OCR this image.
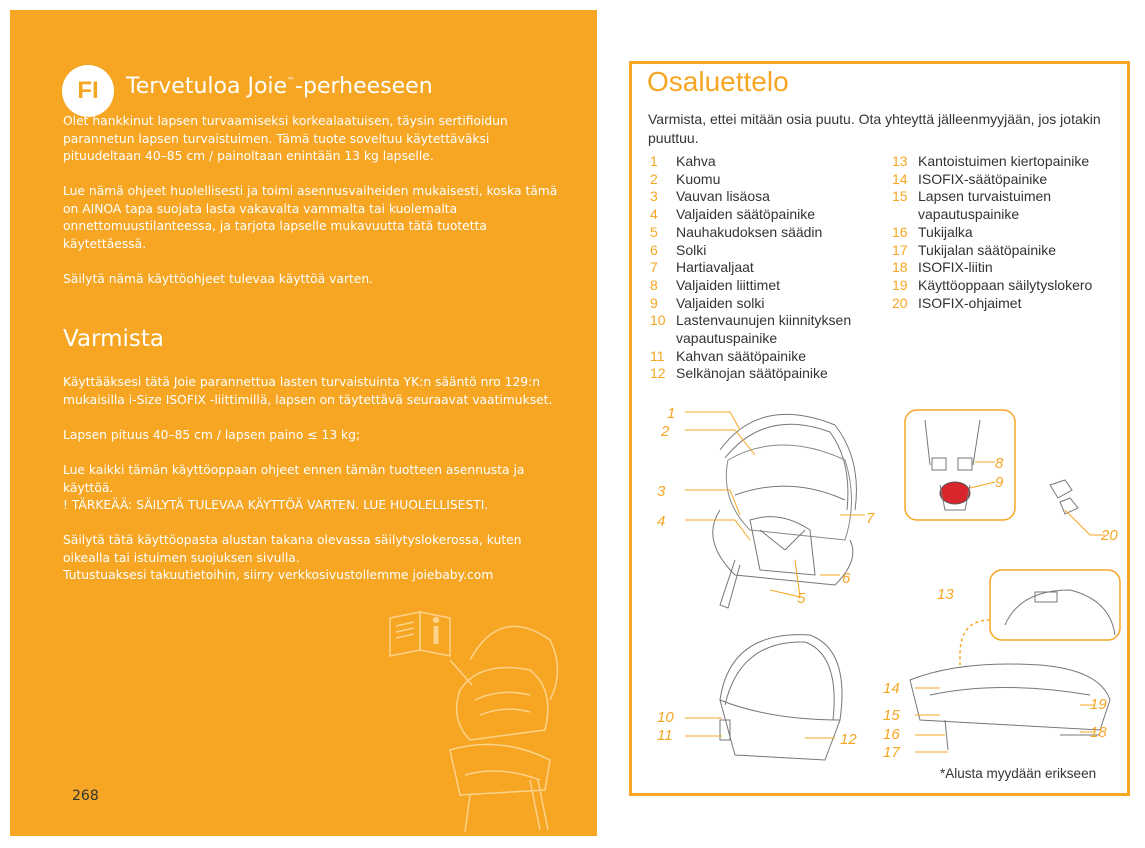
FI	Tervetuloa Joie™-perheeseen

Olet hankkinut lapsen turvaamiseksi korkealaatuisen, täysin sertifioidun parannetun lapsen turvaistuimen. Tämä tuote soveltuu käytettäväksi pituudeltaan 40–85 cm / painoltaan enintään 13 kg lapselle.

Lue nämä ohjeet huolellisesti ja toimi asennusvaiheiden mukaisesti, koska tämä on AINOA tapa suojata lasta vakavalta vammalta tai kuolemalta onnettomuustilanteessa, ja tarjota lapselle mukavuutta tätä tuotetta käytettäessä.

Säilytä nämä käyttöohjeet tulevaa käyttöä varten.

Varmista

Käyttääksesi tätä Joie parannettua lasten turvaistuinta YK:n sääntö nro 129:n mukaisilla i-Size ISOFIX -liittimillä, lapsen on täytettävä seuraavat vaatimukset.

Lapsen pituus 40–85 cm / lapsen paino ≤ 13 kg;

Lue kaikki tämän käyttöoppaan ohjeet ennen tämän tuotteen asennusta ja käyttöä.

! TÄRKEÄÄ: SÄILYTÄ TULEVAA KÄYTTÖÄ VARTEN. LUE HUOLELLISESTI.

Säilytä tätä käyttöopasta alustan takana olevassa säilytyslokerossa, kuten oikealla tai istuimen suojuksen sivulla.

Tutustuaksesi takuutietoihin, siirry verkkosivustollemme joiebaby.com

268
Osaluettelo

Varmista, ettei mitään osia puutu. Ota yhteyttä jälleenmyyjään, jos jotakin puuttuu.

1	Kahva
2	Kuomu
3	Vauvan lisäosa
4	Valjaiden säätöpainike
5	Nauhakudoksen säädin
6	Solki
7	Hartiavaljaat
8	Valjaiden liittimet
9	Valjaiden solki
10 Lastenvaunujen kiinnityksen vapautuspainike
11 Kahvan säätöpainike
12 Selkänojan säätöpainike
13 Kantoistuimen kiertopainike
14 ISOFIX-säätöpainike
15 Lapsen turvaistuimen vapautuspainike
16 Tukijalka
17 Tukijalan säätöpainike
18 ISOFIX-liitin
19 Käyttöoppaan säilytyslokero
20 ISOFIX-ohjaimet
1
2
3
4
5
6
7
8
9
10
11	12
13
14
15
16
17
18
19
20
*Alusta myydään erikseen
